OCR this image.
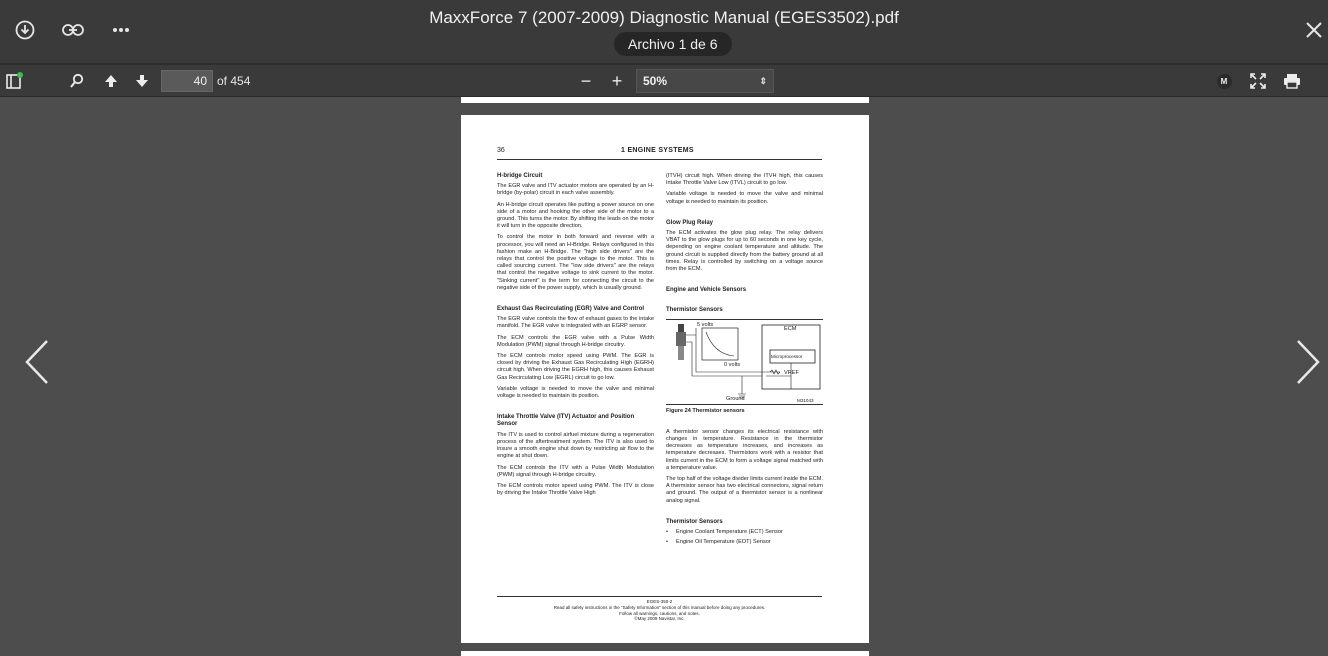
MaxxForce 7 (2007-2009) Diagnostic Manual (EGES3502).pdf
Archivo 1 de 6
40 of 454	−	+	50%	⇕	M
36	1 ENGINE SYSTEMS
H-bridge Circuit
The EGR valve and ITV actuator motors are operated by an H-bridge (by-polar) circuit in each valve assembly.
An H-bridge circuit operates like putting a power source on one side of a motor and hooking the other side of the motor to a ground. This turns the motor. By shifting the leads on the motor it will turn in the opposite direction.
To control the motor in both forward and reverse with a processor, you will need an H-Bridge. Relays configured in this fashion make an H-Bridge. The "high side drivers" are the relays that control the positive voltage to the motor. This is called sourcing current. The "low side drivers" are the relays that control the negative voltage to sink current to the motor. "Sinking current" is the term for connecting the circuit to the negative side of the power supply, which is usually ground.
Exhaust Gas Recirculating (EGR) Valve and Control
The EGR valve controls the flow of exhaust gases to the intake manifold. The EGR valve is integrated with an EGRP sensor.
The ECM controls the EGR valve with a Pulse Width Modulation (PWM) signal through H-bridge circuitry.
The ECM controls motor speed using PWM. The EGR is closed by driving the Exhaust Gas Recirculating High (EGRH) circuit high. When driving the EGRH high, this causes Exhaust Gas Recirculating Low (EGRL) circuit to go low.
Variable voltage is needed to move the valve and minimal voltage is needed to maintain its position.
Intake Throttle Valve (ITV) Actuator and Position Sensor
The ITV is used to control airfuel mixture during a regeneration process of the aftertreatment system. The ITV is also used to insure a smooth engine shut down by restricting air flow to the engine at shut down.
The ECM controls the ITV with a Pulse Width Modulation (PWM) signal through H-bridge circuitry.
The ECM controls motor speed using PWM. The ITV is close by driving the Intake Throttle Valve High
(ITVH) circuit high. When driving the ITVH high, this causes Intake Throttle Valve Low (ITVL) circuit to go low.
Variable voltage is needed to move the valve and minimal voltage is needed to maintain its position.
Glow Plug Relay
The ECM activates the glow plug relay. The relay delivers VBAT to the glow plugs for up to 60 seconds in one key cycle, depending on engine coolant temperature and altitude. The ground circuit is supplied directly from the battery ground at all times. Relay is controlled by switching on a voltage source from the ECM.
Engine and Vehicle Sensors
Thermistor Sensors
5 volts
0 volts
ECM
Microprocessor
VREF
Ground	M31043
Figure 24 Thermistor sensors
A thermistor sensor changes its electrical resistance with changes in temperature. Resistance in the thermistor decreases as temperature increases, and increases as temperature decreases. Thermistors work with a resistor that limits current in the ECM to form a voltage signal matched with a temperature value.
The top half of the voltage divider limits current inside the ECM. A thermistor sensor has two electrical connectors, signal return and ground. The output of a thermistor sensor is a nonlinear analog signal.
Thermistor Sensors
• Engine Coolant Temperature (ECT) Sensor
• Engine Oil Temperature (EOT) Sensor
EGES-350-2
Read all safety instructions in the "Safety Information" section of this manual before doing any procedures.
Follow all warnings, cautions, and notes.
©May 2009 Navistar, Inc.
